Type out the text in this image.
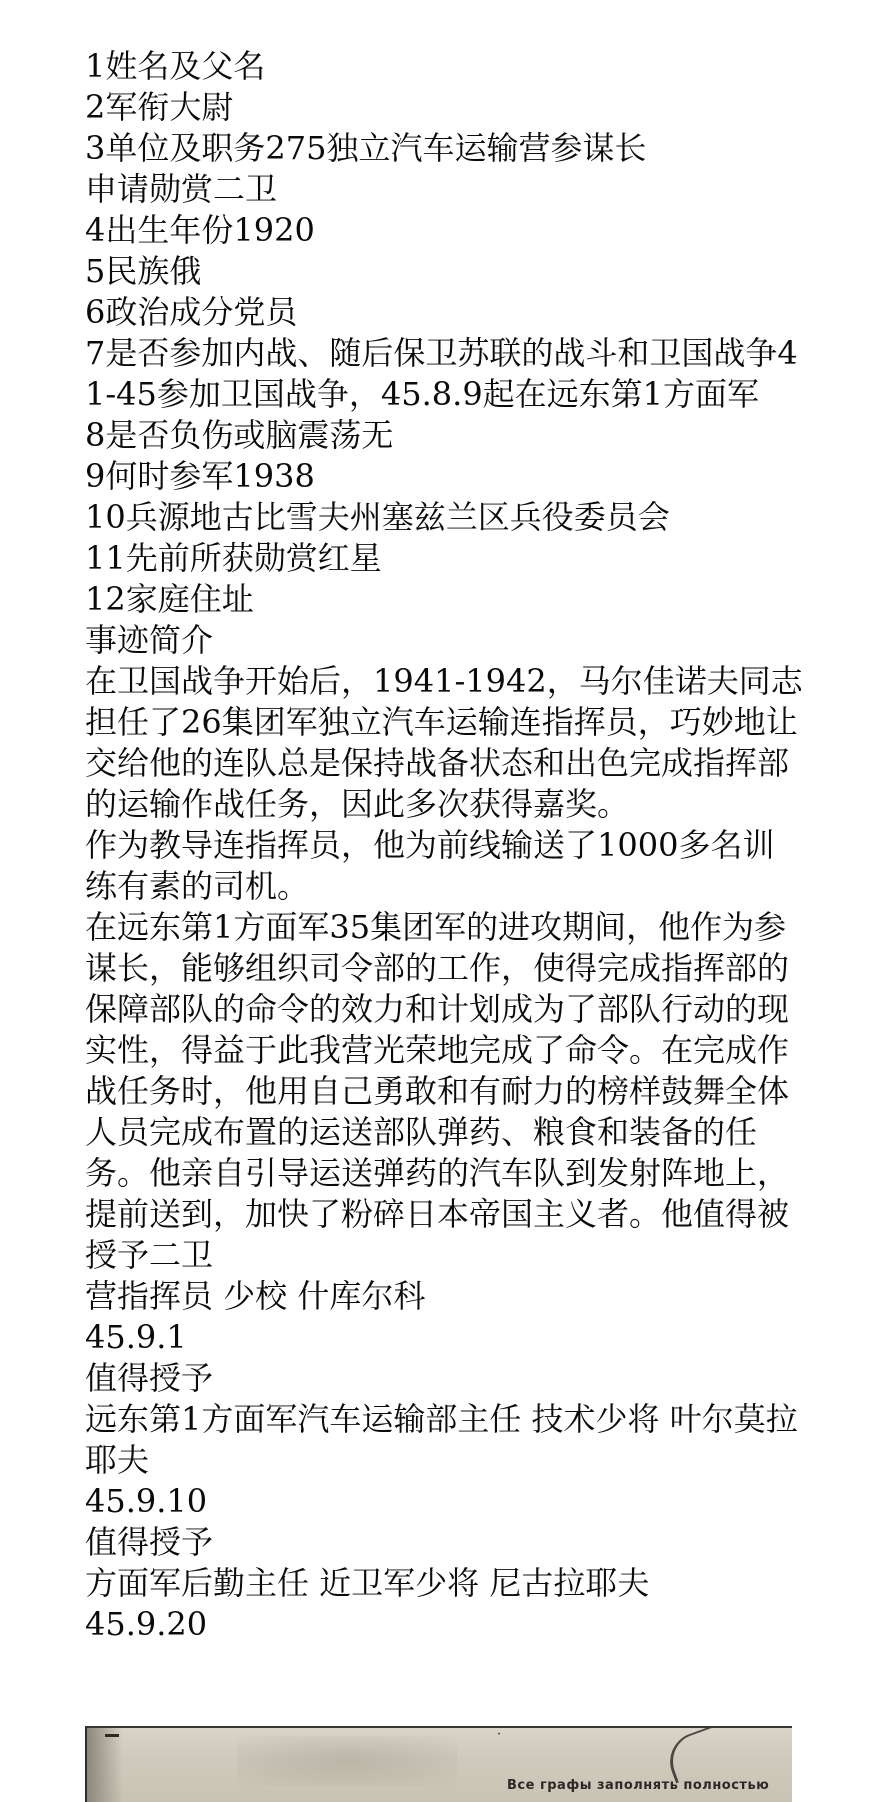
1姓名及父名
2军衔大尉
3单位及职务275独立汽车运输营参谋长
申请勋赏二卫
4出生年份1920
5民族俄
6政治成分党员
7是否参加内战、随后保卫苏联的战斗和卫国战争41-45参加卫国战争，45.8.9起在远东第1方面军
8是否负伤或脑震荡无
9何时参军1938
10兵源地古比雪夫州塞兹兰区兵役委员会
11先前所获勋赏红星
12家庭住址
事迹简介
在卫国战争开始后，1941-1942，马尔佳诺夫同志担任了26集团军独立汽车运输连指挥员，巧妙地让交给他的连队总是保持战备状态和出色完成指挥部的运输作战任务，因此多次获得嘉奖。
作为教导连指挥员，他为前线输送了1000多名训练有素的司机。
在远东第1方面军35集团军的进攻期间，他作为参谋长，能够组织司令部的工作，使得完成指挥部的保障部队的命令的效力和计划成为了部队行动的现实性，得益于此我营光荣地完成了命令。在完成作战任务时，他用自己勇敢和有耐力的榜样鼓舞全体人员完成布置的运送部队弹药、粮食和装备的任务。他亲自引导运送弹药的汽车队到发射阵地上，提前送到，加快了粉碎日本帝国主义者。他值得被授予二卫
营指挥员 少校 什库尔科
45.9.1
值得授予
远东第1方面军汽车运输部主任 技术少将 叶尔莫拉耶夫
45.9.10
值得授予
方面军后勤主任 近卫军少将 尼古拉耶夫
45.9.20
˙
Все графы заполнять полностью
